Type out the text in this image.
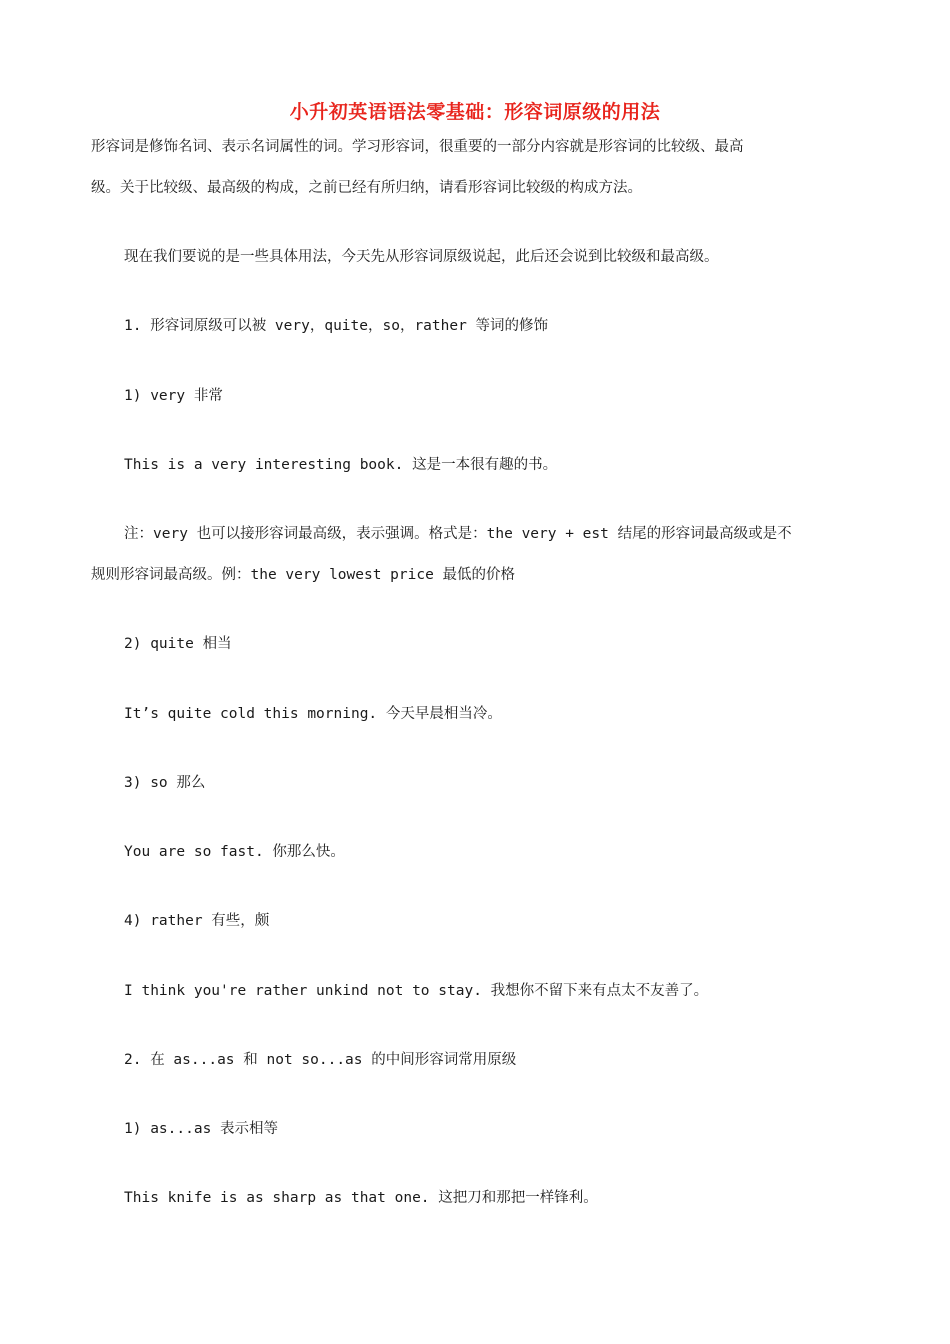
小升初英语语法零基础：形容词原级的用法
形容词是修饰名词、表示名词属性的词。学习形容词，很重要的一部分内容就是形容词的比较级、最高
级。关于比较级、最高级的构成，之前已经有所归纳，请看形容词比较级的构成方法。
现在我们要说的是一些具体用法，今天先从形容词原级说起，此后还会说到比较级和最高级。
1. 形容词原级可以被 very，quite，so，rather 等词的修饰
1) very 非常
This is a very interesting book. 这是一本很有趣的书。
注：very 也可以接形容词最高级，表示强调。格式是：the very + est 结尾的形容词最高级或是不
规则形容词最高级。例：the very lowest price 最低的价格
2) quite 相当
It’s quite cold this morning. 今天早晨相当冷。
3) so 那么
You are so fast. 你那么快。
4) rather 有些，颇
I think you're rather unkind not to stay. 我想你不留下来有点太不友善了。
2. 在 as...as 和 not so...as 的中间形容词常用原级
1) as...as 表示相等
This knife is as sharp as that one. 这把刀和那把一样锋利。
